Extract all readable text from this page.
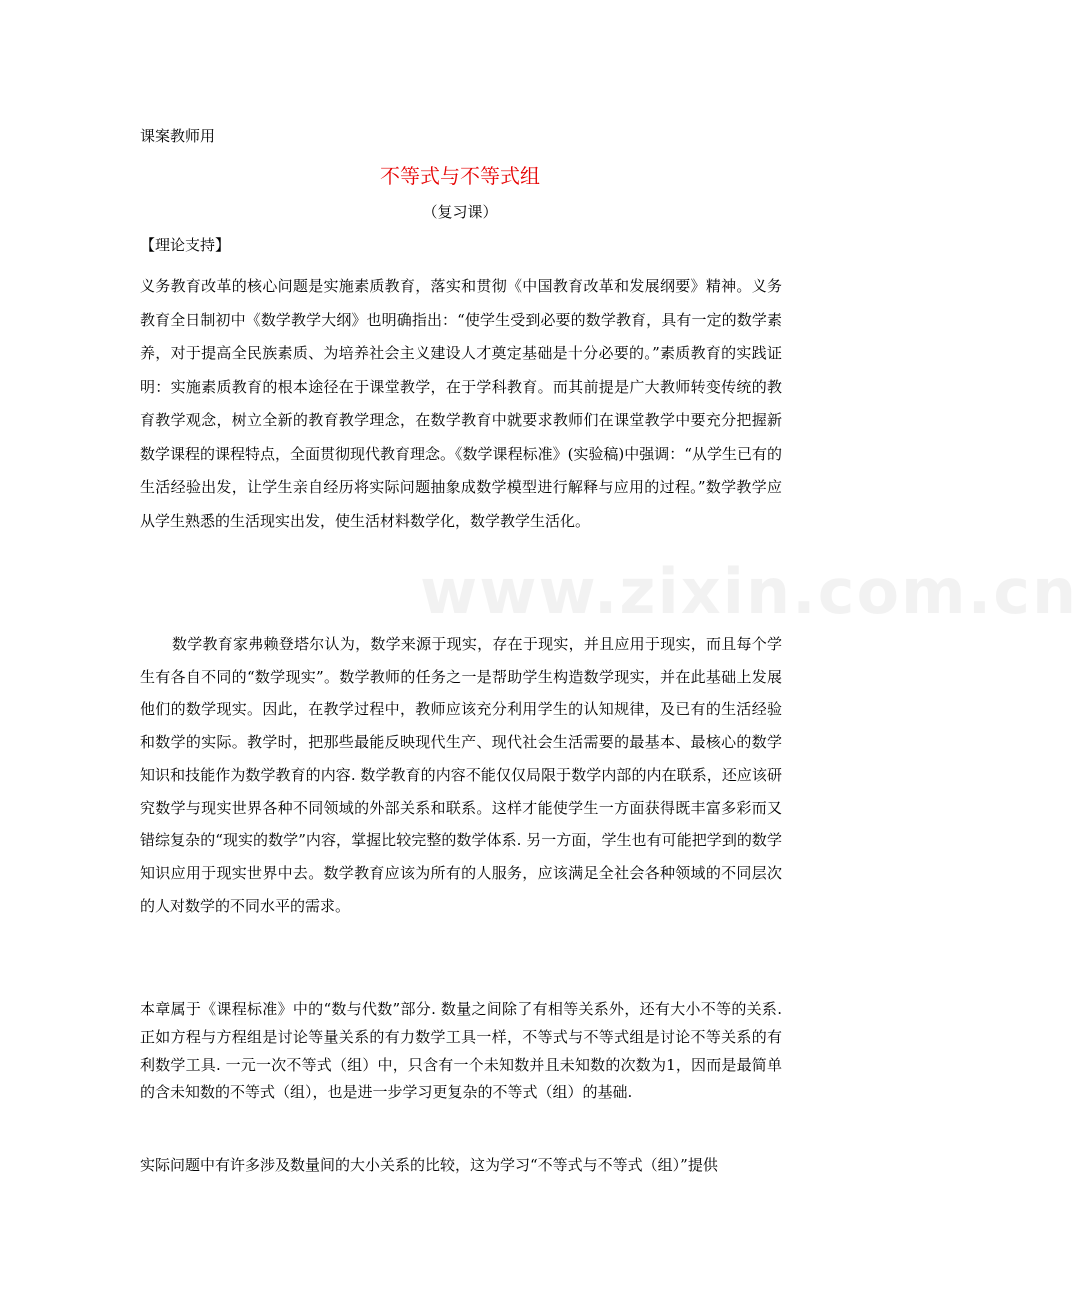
课案教师用
不等式与不等式组
（复习课）
【理论支持】

义务教育改革的核心问题是实施素质教育，落实和贯彻《中国教育改革和发展纲要》精神。义务教育全日制初中《数学教学大纲》也明确指出：“使学生受到必要的数学教育，具有一定的数学素养，对于提高全民族素质、为培养社会主义建设人才奠定基础是十分必要的。”素质教育的实践证明：实施素质教育的根本途径在于课堂教学，在于学科教育。而其前提是广大教师转变传统的教育教学观念，树立全新的教育教学理念，在数学教育中就要求教师们在课堂教学中要充分把握新数学课程的课程特点，全面贯彻现代教育理念。《数学课程标准》(实验稿)中强调：“从学生已有的生活经验出发，让学生亲自经历将实际问题抽象成数学模型进行解释与应用的过程。”数学教学应从学生熟悉的生活现实出发，使生活材料数学化，数学教学生活化。

数学教育家弗赖登塔尔认为，数学来源于现实，存在于现实，并且应用于现实，而且每个学生有各自不同的“数学现实”。数学教师的任务之一是帮助学生构造数学现实，并在此基础上发展他们的数学现实。因此，在教学过程中，教师应该充分利用学生的认知规律，及已有的生活经验和数学的实际。教学时，把那些最能反映现代生产、现代社会生活需要的最基本、最核心的数学知识和技能作为数学教育的内容. 数学教育的内容不能仅仅局限于数学内部的内在联系，还应该研究数学与现实世界各种不同领域的外部关系和联系。这样才能使学生一方面获得既丰富多彩而又错综复杂的“现实的数学”内容，掌握比较完整的数学体系. 另一方面，学生也有可能把学到的数学知识应用于现实世界中去。数学教育应该为所有的人服务，应该满足全社会各种领域的不同层次的人对数学的不同水平的需求。

本章属于《课程标准》中的“数与代数”部分. 数量之间除了有相等关系外，还有大小不等的关系. 正如方程与方程组是讨论等量关系的有力数学工具一样，不等式与不等式组是讨论不等关系的有利数学工具. 一元一次不等式（组）中，只含有一个未知数并且未知数的次数为1，因而是最简单的含未知数的不等式（组），也是进一步学习更复杂的不等式（组）的基础.

实际问题中有许多涉及数量间的大小关系的比较，这为学习“不等式与不等式（组）”提供

www.zixin.com.cn
